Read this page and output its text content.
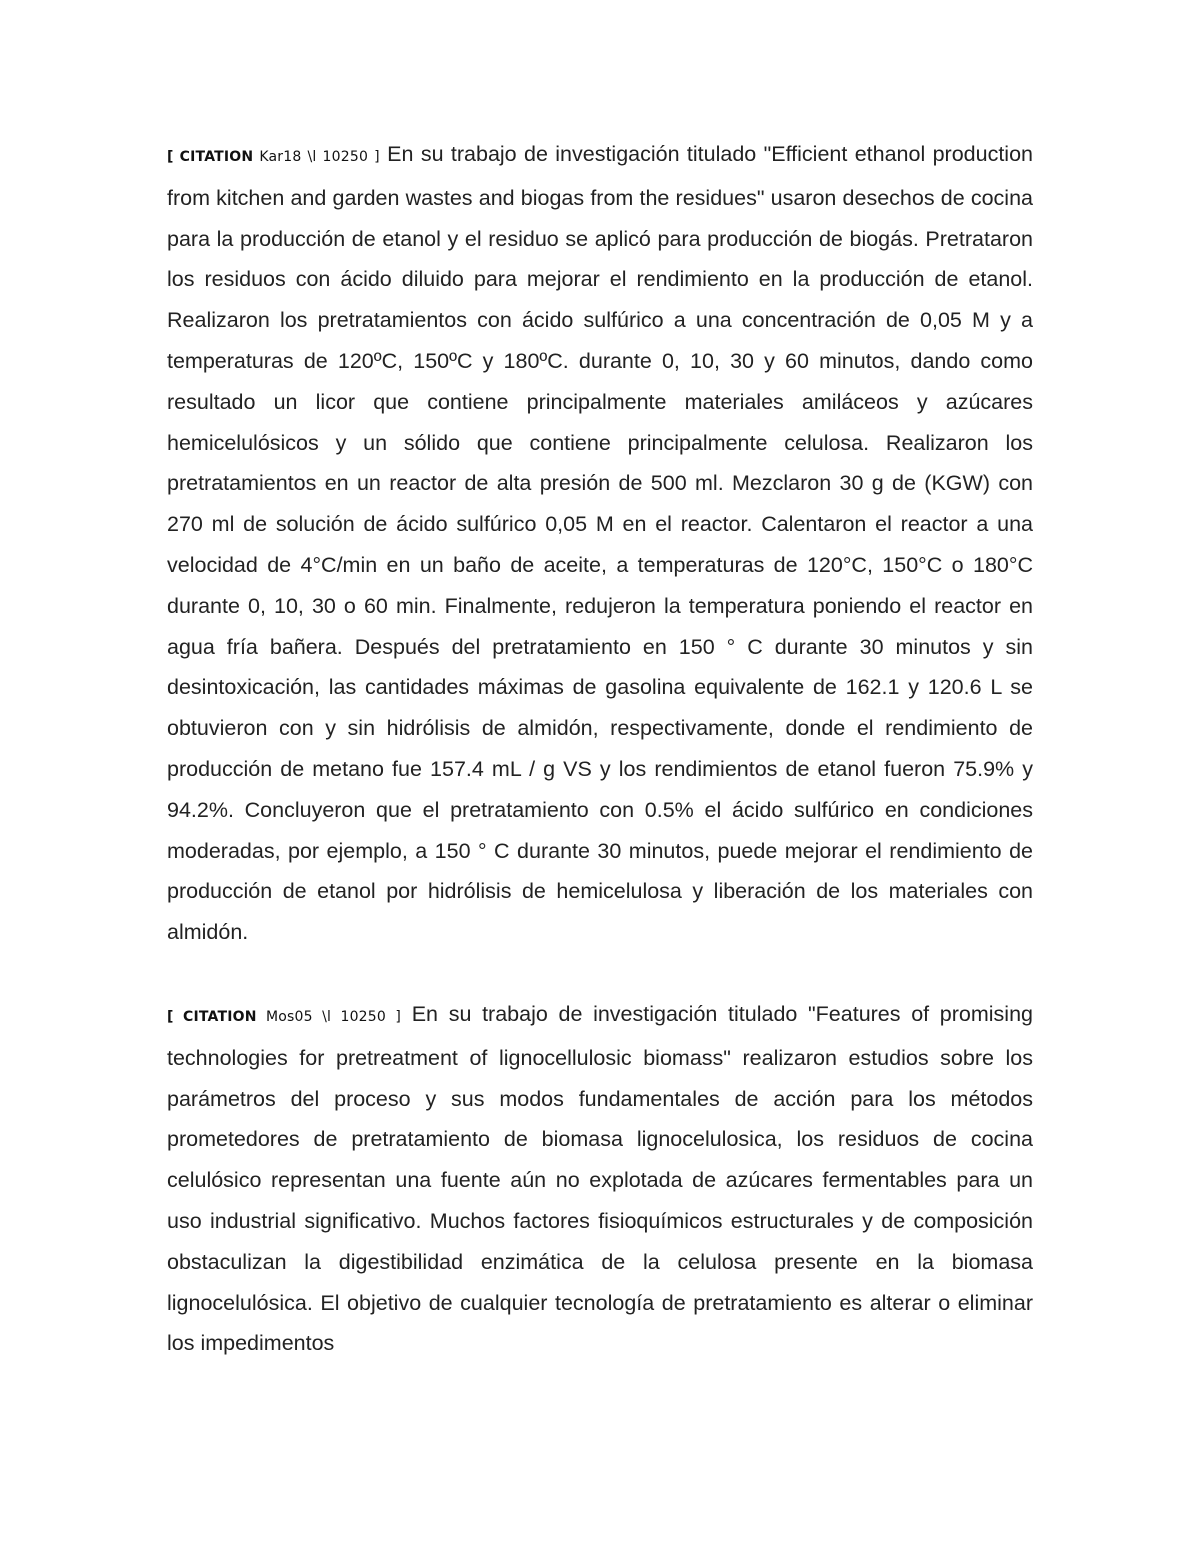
[ CITATION Kar18 \l 10250 ] En su trabajo de investigación titulado "Efficient ethanol production from kitchen and garden wastes and biogas from the residues" usaron desechos de cocina para la producción de etanol y el residuo se aplicó para producción de biogás. Pretrataron los residuos con ácido diluido para mejorar el rendimiento en la producción de etanol. Realizaron los pretratamientos con ácido sulfúrico a una concentración de 0,05 M y a temperaturas de 120ºC, 150ºC y 180ºC. durante 0, 10, 30 y 60 minutos, dando como resultado un licor que contiene principalmente materiales amiláceos y azúcares hemicelulósicos y un sólido que contiene principalmente celulosa. Realizaron los pretratamientos en un reactor de alta presión de 500 ml. Mezclaron 30 g de (KGW) con 270 ml de solución de ácido sulfúrico 0,05 M en el reactor. Calentaron el reactor a una velocidad de 4°C/min en un baño de aceite, a temperaturas de 120°C, 150°C o 180°C durante 0, 10, 30 o 60 min. Finalmente, redujeron la temperatura poniendo el reactor en agua fría bañera. Después del pretratamiento en 150 ° C durante 30 minutos y sin desintoxicación, las cantidades máximas de gasolina equivalente de 162.1 y 120.6 L se obtuvieron con y sin hidrólisis de almidón, respectivamente, donde el rendimiento de producción de metano fue 157.4 mL / g VS y los rendimientos de etanol fueron 75.9% y 94.2%. Concluyeron que el pretratamiento con 0.5% el ácido sulfúrico en condiciones moderadas, por ejemplo, a 150 ° C durante 30 minutos, puede mejorar el rendimiento de producción de etanol por hidrólisis de hemicelulosa y liberación de los materiales con almidón.

[ CITATION Mos05 \l 10250 ] En su trabajo de investigación titulado "Features of promising technologies for pretreatment of lignocellulosic biomass" realizaron estudios sobre los parámetros del proceso y sus modos fundamentales de acción para los métodos prometedores de pretratamiento de biomasa lignocelulosica, los residuos de cocina celulósico representan una fuente aún no explotada de azúcares fermentables para un uso industrial significativo. Muchos factores fisioquímicos estructurales y de composición obstaculizan la digestibilidad enzimática de la celulosa presente en la biomasa lignocelulósica. El objetivo de cualquier tecnología de pretratamiento es alterar o eliminar los impedimentos
